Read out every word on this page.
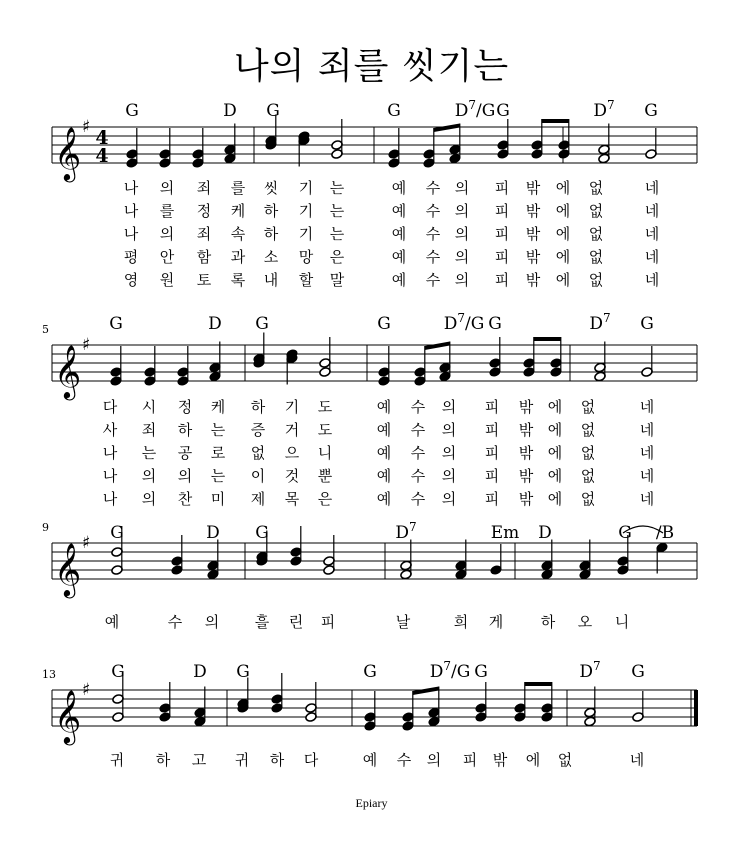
나의 죄를 씻기는
𝄞 ♯ 4
4
G	D G	G	$D^7/G$ G	$D^7$ G
나 의 죄 를 씻 기 는	예 수 의 피 밖 에 없	네
나 를 정 케 하 기 는	예 수 의 피 밖 에 없	네
나 의 죄 속 하 기 는	예 수 의 피 밖 에 없	네
평 안 함 과 소 망 은	예 수 의 피 밖 에 없	네
영 원 토 록 내 할 말	예 수 의 피 밖 에 없	네
𝄞 ♯
5	G	D G	G	$D^7/G$ G	$D^7$ G
다 시 정 케 하 기 도	예 수 의 피 밖 에 없	네
사 죄 하 는 증 거 도	예 수 의 피 밖 에 없	네
나 는 공 로 없 으 니	예 수 의 피 밖 에 없	네
나 의 의 는 이 것 뿐	예 수 의 피 밖 에 없	네
나 의 찬 미 제 목 은	예 수 의 피 밖 에 없	네
𝄞 ♯
9	G	D G	$D^7$	Em D	G /B
예	수 의 흘 린 피	날	희 게	하 오 니
𝄞 ♯
13	G	D G	G	$D^7/G$ G	$D^7$ G
귀 하 고 귀 하 다	예 수 의 피 밖 에 없	네
Epiary
